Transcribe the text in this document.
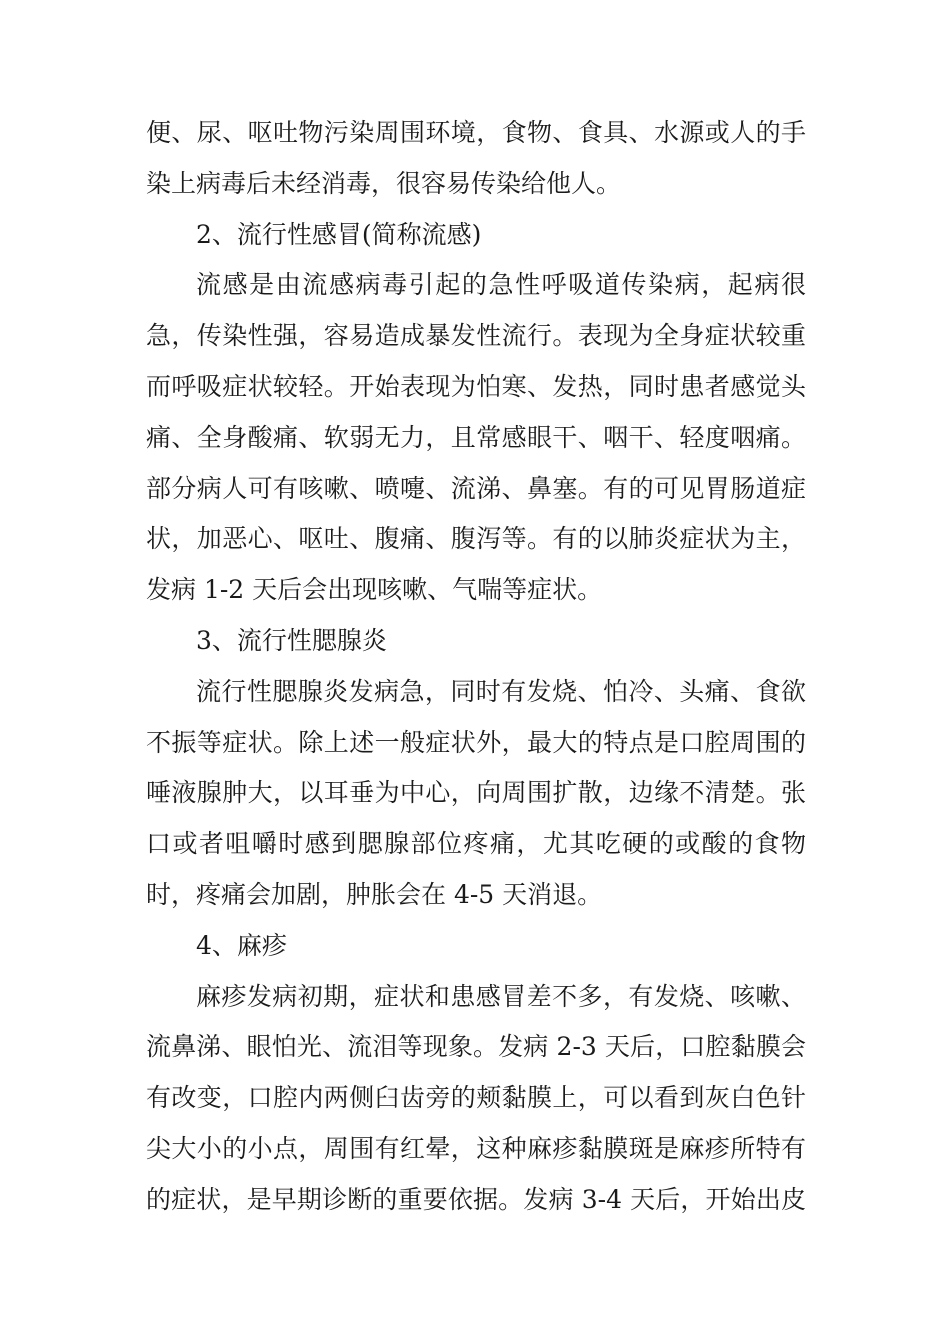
便、尿、呕吐物污染周围环境，食物、食具、水源或人的手
染上病毒后未经消毒，很容易传染给他人。
2、流行性感冒(简称流感)
流感是由流感病毒引起的急性呼吸道传染病，起病很
急，传染性强，容易造成暴发性流行。表现为全身症状较重
而呼吸症状较轻。开始表现为怕寒、发热，同时患者感觉头
痛、全身酸痛、软弱无力，且常感眼干、咽干、轻度咽痛。
部分病人可有咳嗽、喷嚏、流涕、鼻塞。有的可见胃肠道症
状，加恶心、呕吐、腹痛、腹泻等。有的以肺炎症状为主，
发病 1-2 天后会出现咳嗽、气喘等症状。
3、流行性腮腺炎
流行性腮腺炎发病急，同时有发烧、怕冷、头痛、食欲
不振等症状。除上述一般症状外，最大的特点是口腔周围的
唾液腺肿大，以耳垂为中心，向周围扩散，边缘不清楚。张
口或者咀嚼时感到腮腺部位疼痛，尤其吃硬的或酸的食物
时，疼痛会加剧，肿胀会在 4-5 天消退。
4、麻疹
麻疹发病初期，症状和患感冒差不多，有发烧、咳嗽、
流鼻涕、眼怕光、流泪等现象。发病 2-3 天后，口腔黏膜会
有改变，口腔内两侧臼齿旁的颊黏膜上，可以看到灰白色针
尖大小的小点，周围有红晕，这种麻疹黏膜斑是麻疹所特有
的症状，是早期诊断的重要依据。发病 3-4 天后，开始出皮
